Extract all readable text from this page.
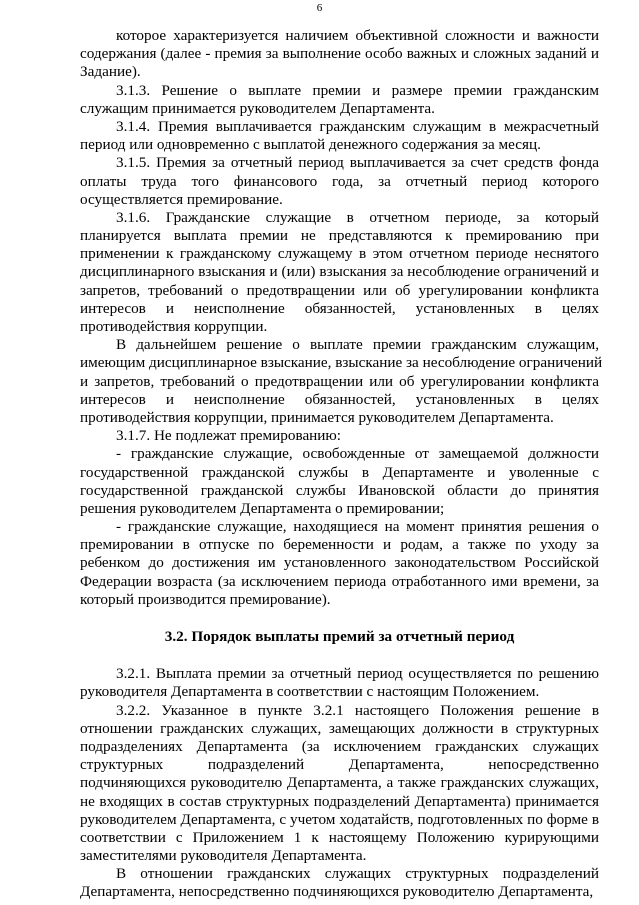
6
которое характеризуется наличием объективной сложности и важности
содержания (далее - премия за выполнение особо важных и сложных заданий и
Задание).
3.1.3. Решение о выплате премии и размере премии гражданским
служащим принимается руководителем Департамента.
3.1.4. Премия выплачивается гражданским служащим в межрасчетный
период или одновременно с выплатой денежного содержания за месяц.
3.1.5. Премия за отчетный период выплачивается за счет средств фонда
оплаты труда того финансового года, за отчетный период которого
осуществляется премирование.
3.1.6. Гражданские служащие в отчетном периоде, за который
планируется выплата премии не представляются к премированию при
применении к гражданскому служащему в этом отчетном периоде неснятого
дисциплинарного взыскания и (или) взыскания за несоблюдение ограничений и
запретов, требований о предотвращении или об урегулировании конфликта
интересов и неисполнение обязанностей, установленных в целях
противодействия коррупции.
В дальнейшем решение о выплате премии гражданским служащим,
имеющим дисциплинарное взыскание, взыскание за несоблюдение ограничений
и запретов, требований о предотвращении или об урегулировании конфликта
интересов и неисполнение обязанностей, установленных в целях
противодействия коррупции, принимается руководителем Департамента.
3.1.7. Не подлежат премированию:
- гражданские служащие, освобожденные от замещаемой должности
государственной гражданской службы в Департаменте и уволенные с
государственной гражданской службы Ивановской области до принятия
решения руководителем Департамента о премировании;
- гражданские служащие, находящиеся на момент принятия решения о
премировании в отпуске по беременности и родам, а также по уходу за
ребенком до достижения им установленного законодательством Российской
Федерации возраста (за исключением периода отработанного ими времени, за
который производится премирование).
3.2. Порядок выплаты премий за отчетный период
3.2.1. Выплата премии за отчетный период осуществляется по решению
руководителя Департамента в соответствии с настоящим Положением.
3.2.2. Указанное в пункте 3.2.1 настоящего Положения решение в
отношении гражданских служащих, замещающих должности в структурных
подразделениях Департамента (за исключением гражданских служащих
структурных подразделений Департамента, непосредственно
подчиняющихся руководителю Департамента, а также гражданских служащих,
не входящих в состав структурных подразделений Департамента) принимается
руководителем Департамента, с учетом ходатайств, подготовленных по форме в
соответствии с Приложением 1 к настоящему Положению курирующими
заместителями руководителя Департамента.
В отношении гражданских служащих структурных подразделений
Департамента, непосредственно подчиняющихся руководителю Департамента,
